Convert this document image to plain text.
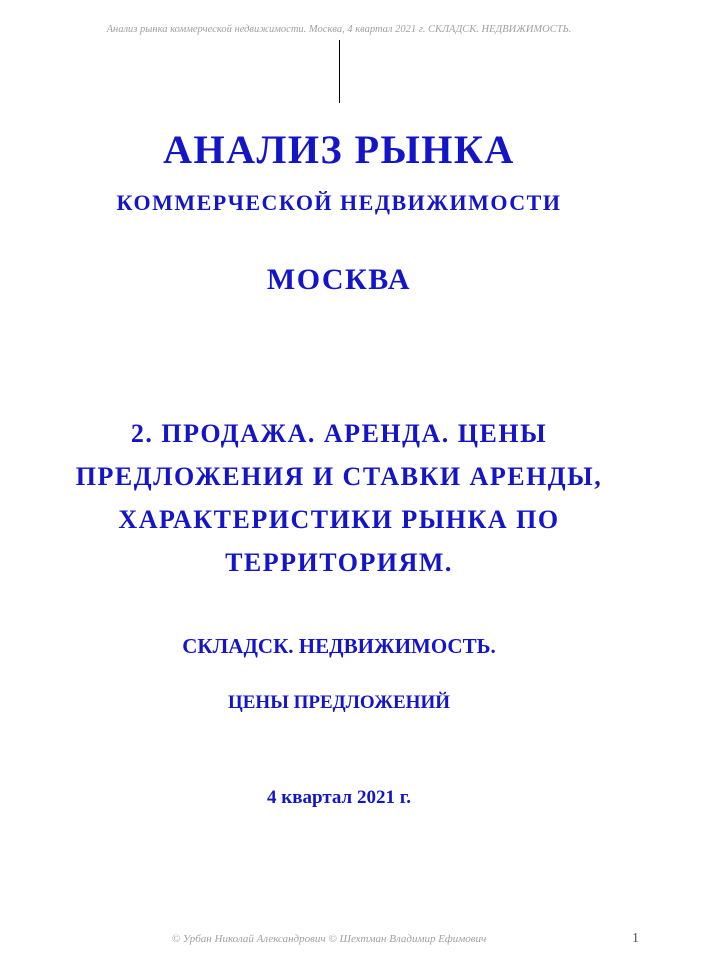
Анализ рынка коммерческой недвижимости. Москва, 4 квартал 2021 г. СКЛАДСК. НЕДВИЖИМОСТЬ.
АНАЛИЗ РЫНКА
КОММЕРЧЕСКОЙ НЕДВИЖИМОСТИ
МОСКВА
2. ПРОДАЖА. АРЕНДА. ЦЕНЫ
ПРЕДЛОЖЕНИЯ И СТАВКИ АРЕНДЫ,
ХАРАКТЕРИСТИКИ РЫНКА ПО
ТЕРРИТОРИЯМ.
СКЛАДСК. НЕДВИЖИМОСТЬ.
ЦЕНЫ ПРЕДЛОЖЕНИЙ
4 квартал 2021 г.
© Урбан Николай Александрович © Шехтман Владимир Ефимович	1
